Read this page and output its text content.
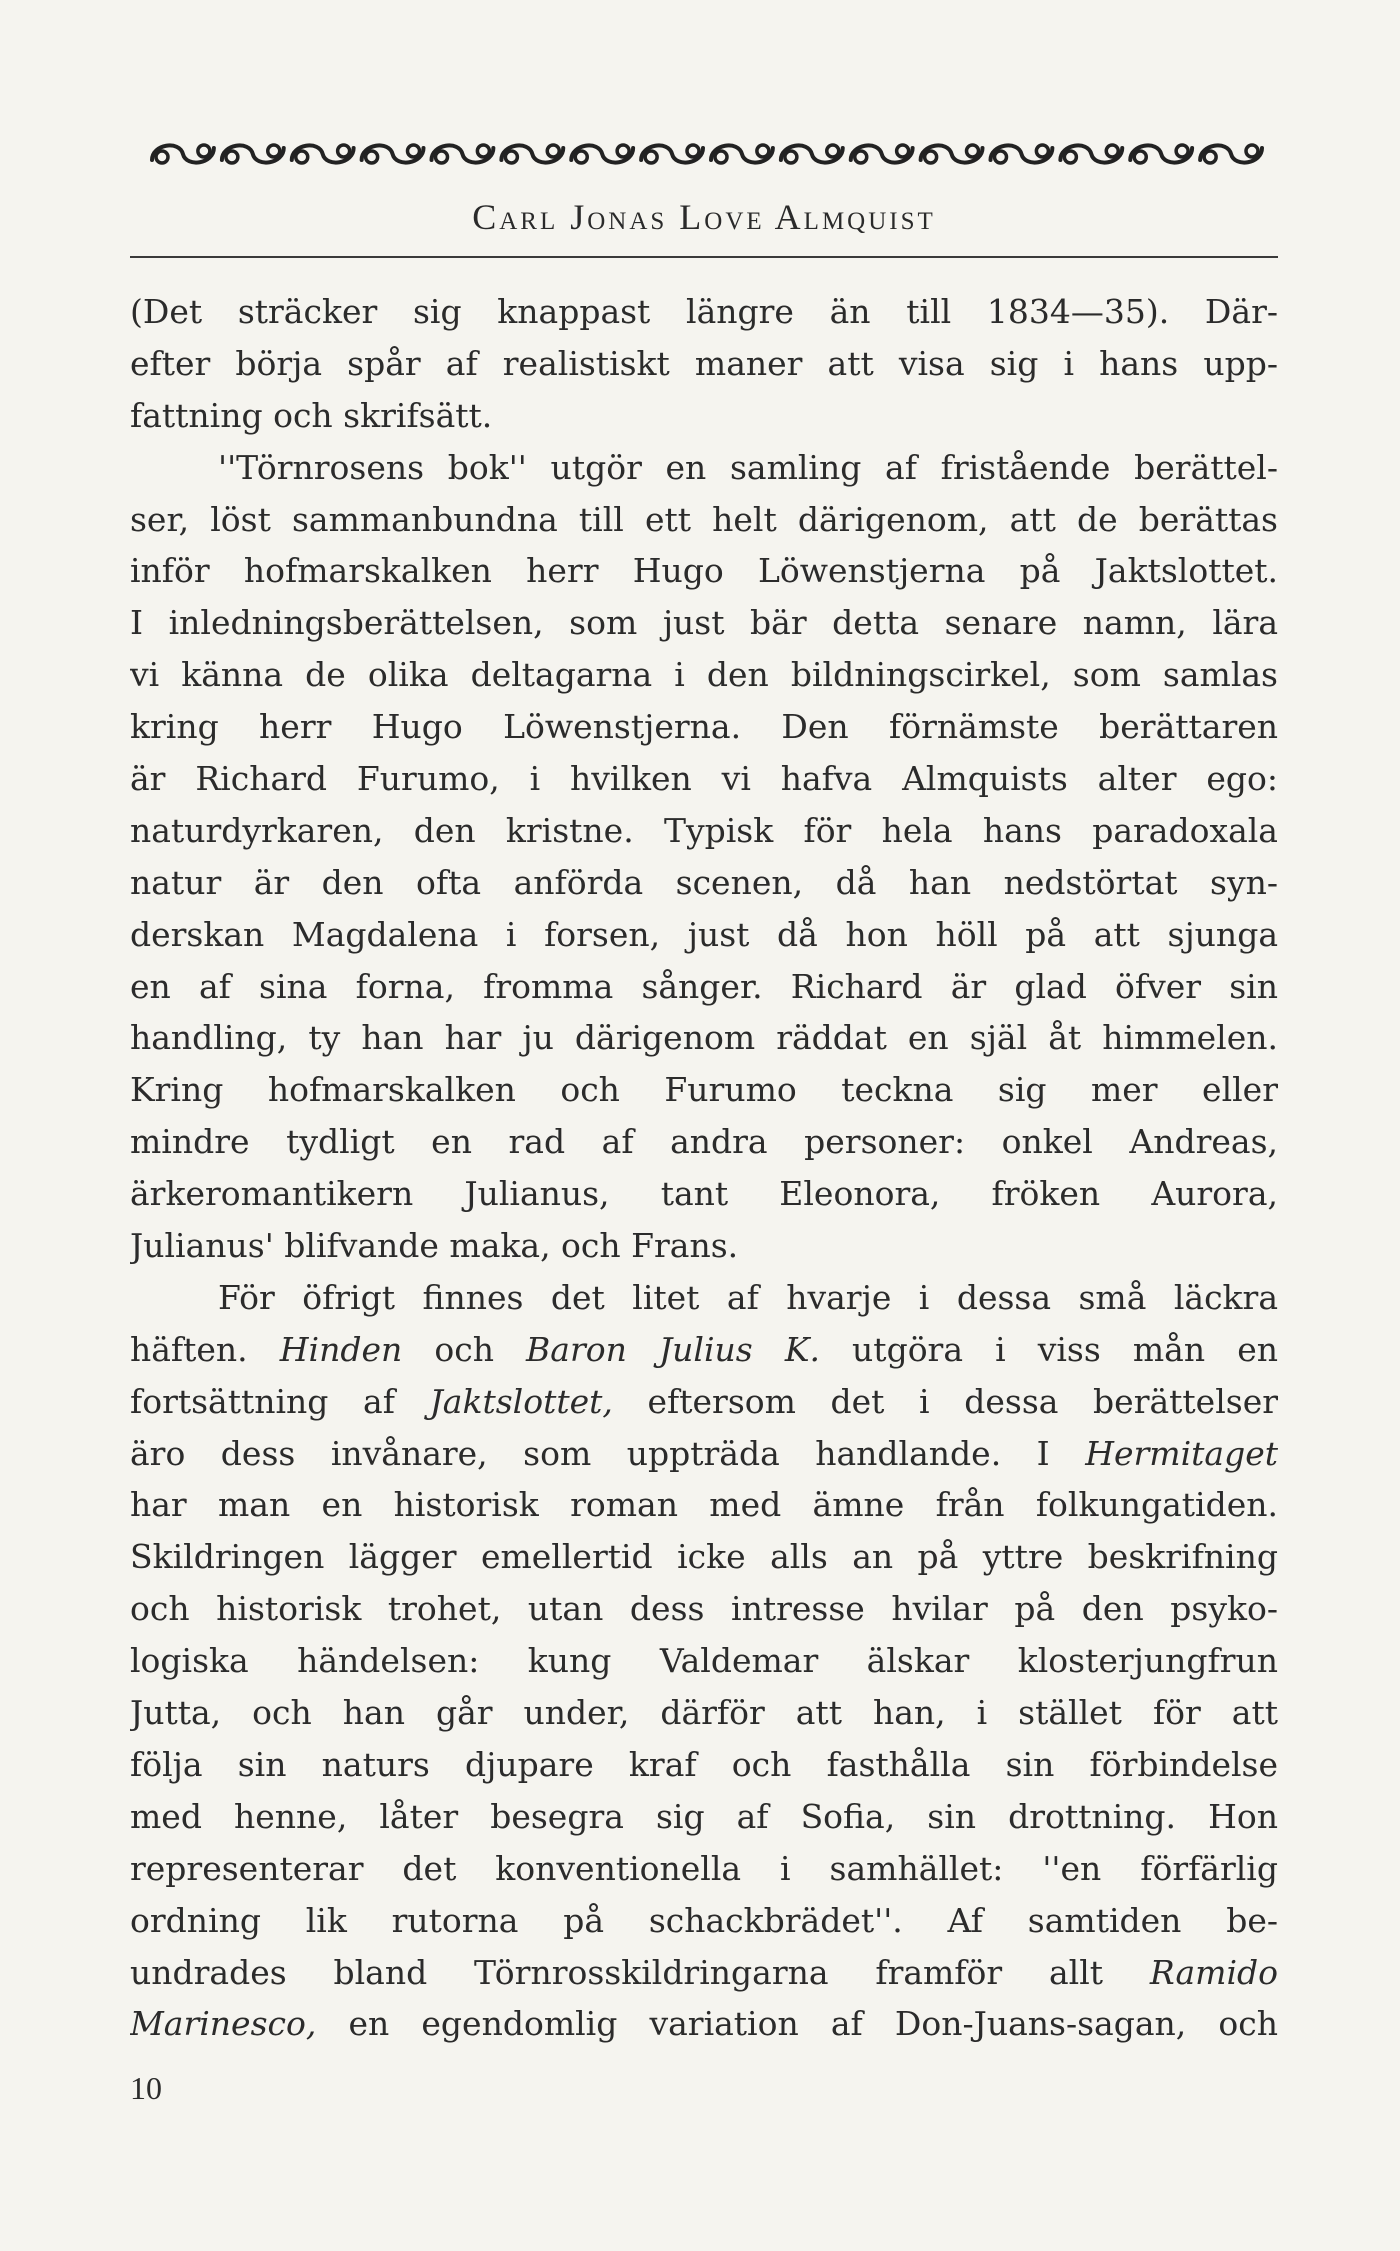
Carl Jonas Love Almquist
(Det sträcker sig knappast längre än till 1834—35). Där-
efter börja spår af realistiskt maner att visa sig i hans upp-
fattning och skrifsätt.
''Törnrosens bok'' utgör en samling af fristående berättel-
ser, löst sammanbundna till ett helt därigenom, att de berättas
inför hofmarskalken herr Hugo Löwenstjerna på Jaktslottet.
I inledningsberättelsen, som just bär detta senare namn, lära
vi känna de olika deltagarna i den bildningscirkel, som samlas
kring herr Hugo Löwenstjerna. Den förnämste berättaren
är Richard Furumo, i hvilken vi hafva Almquists alter ego:
naturdyrkaren, den kristne. Typisk för hela hans paradoxala
natur är den ofta anförda scenen, då han nedstörtat syn-
derskan Magdalena i forsen, just då hon höll på att sjunga
en af sina forna, fromma sånger. Richard är glad öfver sin
handling, ty han har ju därigenom räddat en själ åt himmelen.
Kring hofmarskalken och Furumo teckna sig mer eller
mindre tydligt en rad af andra personer: onkel Andreas,
ärkeromantikern Julianus, tant Eleonora, fröken Aurora,
Julianus' blifvande maka, och Frans.
För öfrigt finnes det litet af hvarje i dessa små läckra
häften. Hinden och Baron Julius K. utgöra i viss mån en
fortsättning af Jaktslottet, eftersom det i dessa berättelser
äro dess invånare, som uppträda handlande. I Hermitaget
har man en historisk roman med ämne från folkungatiden.
Skildringen lägger emellertid icke alls an på yttre beskrifning
och historisk trohet, utan dess intresse hvilar på den psyko-
logiska händelsen: kung Valdemar älskar klosterjungfrun
Jutta, och han går under, därför att han, i stället för att
följa sin naturs djupare kraf och fasthålla sin förbindelse
med henne, låter besegra sig af Sofia, sin drottning. Hon
representerar det konventionella i samhället: ''en förfärlig
ordning lik rutorna på schackbrädet''. Af samtiden be-
undrades bland Törnrosskildringarna framför allt Ramido
Marinesco, en egendomlig variation af Don-Juans-sagan, och
10
